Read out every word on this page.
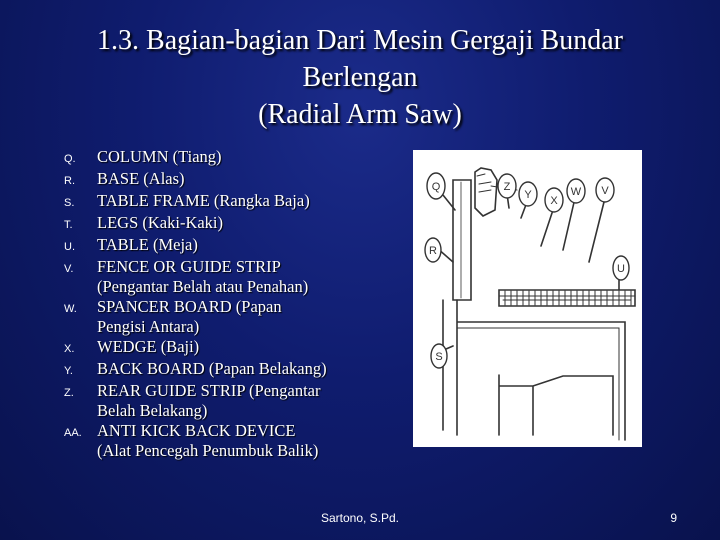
1.3. Bagian-bagian Dari Mesin Gergaji Bundar
Berlengan
(Radial Arm Saw)
Q.	COLUMN (Tiang)
R.	BASE (Alas)
S.	TABLE FRAME (Rangka Baja)
T.	LEGS (Kaki-Kaki)
U.	TABLE (Meja)
V.	FENCE OR GUIDE STRIP
(Pengantar Belah atau Penahan)
W.	SPANCER BOARD (Papan
Pengisi Antara)
X.	WEDGE (Baji)
Y.	BACK BOARD (Papan Belakang)
Z.	REAR GUIDE STRIP (Pengantar
Belah Belakang)
AA. ANTI KICK BACK DEVICE
(Alat Pencegah Penumbuk Balik)
Q	Z
Y X
W V
R
U
S
Sartono, S.Pd.	9
